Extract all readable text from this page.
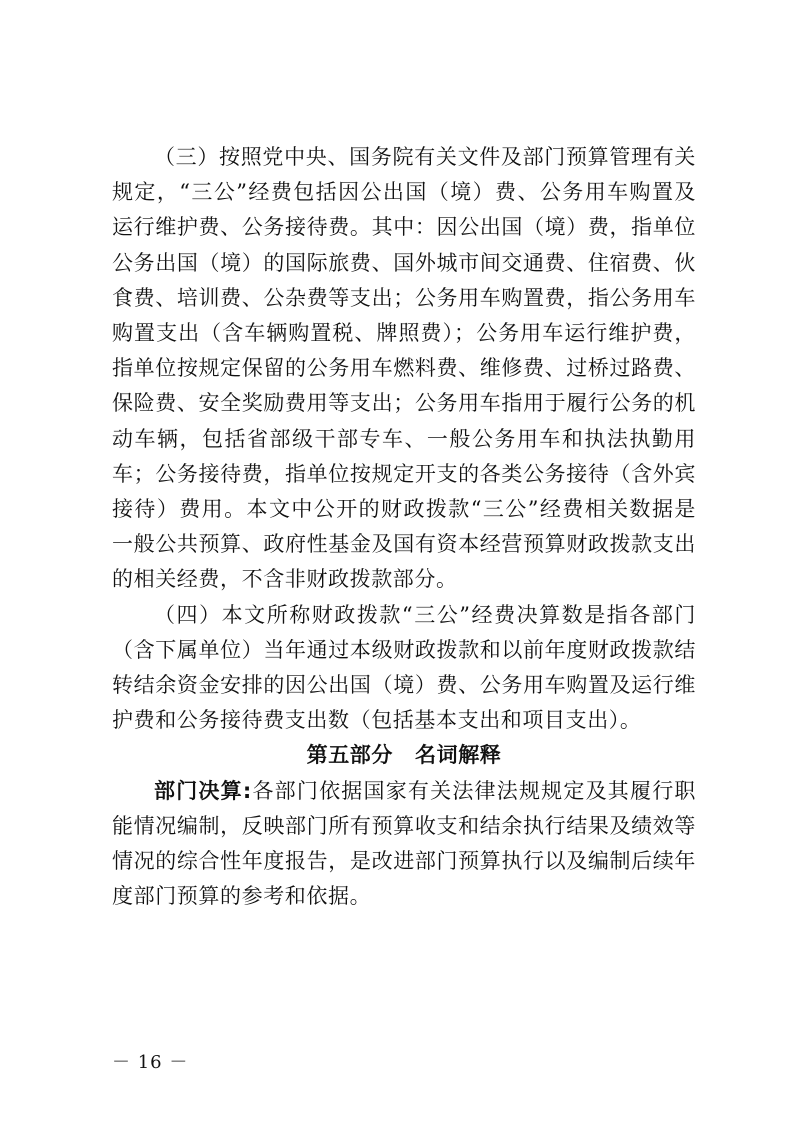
（三）按照党中央、国务院有关文件及部门预算管理有关规定，“三公”经费包括因公出国（境）费、公务用车购置及运行维护费、公务接待费。其中：因公出国（境）费，指单位公务出国（境）的国际旅费、国外城市间交通费、住宿费、伙食费、培训费、公杂费等支出；公务用车购置费，指公务用车购置支出（含车辆购置税、牌照费）；公务用车运行维护费，指单位按规定保留的公务用车燃料费、维修费、过桥过路费、保险费、安全奖励费用等支出；公务用车指用于履行公务的机动车辆，包括省部级干部专车、一般公务用车和执法执勤用车；公务接待费，指单位按规定开支的各类公务接待（含外宾接待）费用。本文中公开的财政拨款“三公”经费相关数据是一般公共预算、政府性基金及国有资本经营预算财政拨款支出的相关经费，不含非财政拨款部分。

（四）本文所称财政拨款“三公”经费决算数是指各部门（含下属单位）当年通过本级财政拨款和以前年度财政拨款结转结余资金安排的因公出国（境）费、公务用车购置及运行维护费和公务接待费支出数（包括基本支出和项目支出）。

第五部分 名词解释

部门决算:各部门依据国家有关法律法规规定及其履行职能情况编制，反映部门所有预算收支和结余执行结果及绩效等情况的综合性年度报告，是改进部门预算执行以及编制后续年度部门预算的参考和依据。

－ 16 －
